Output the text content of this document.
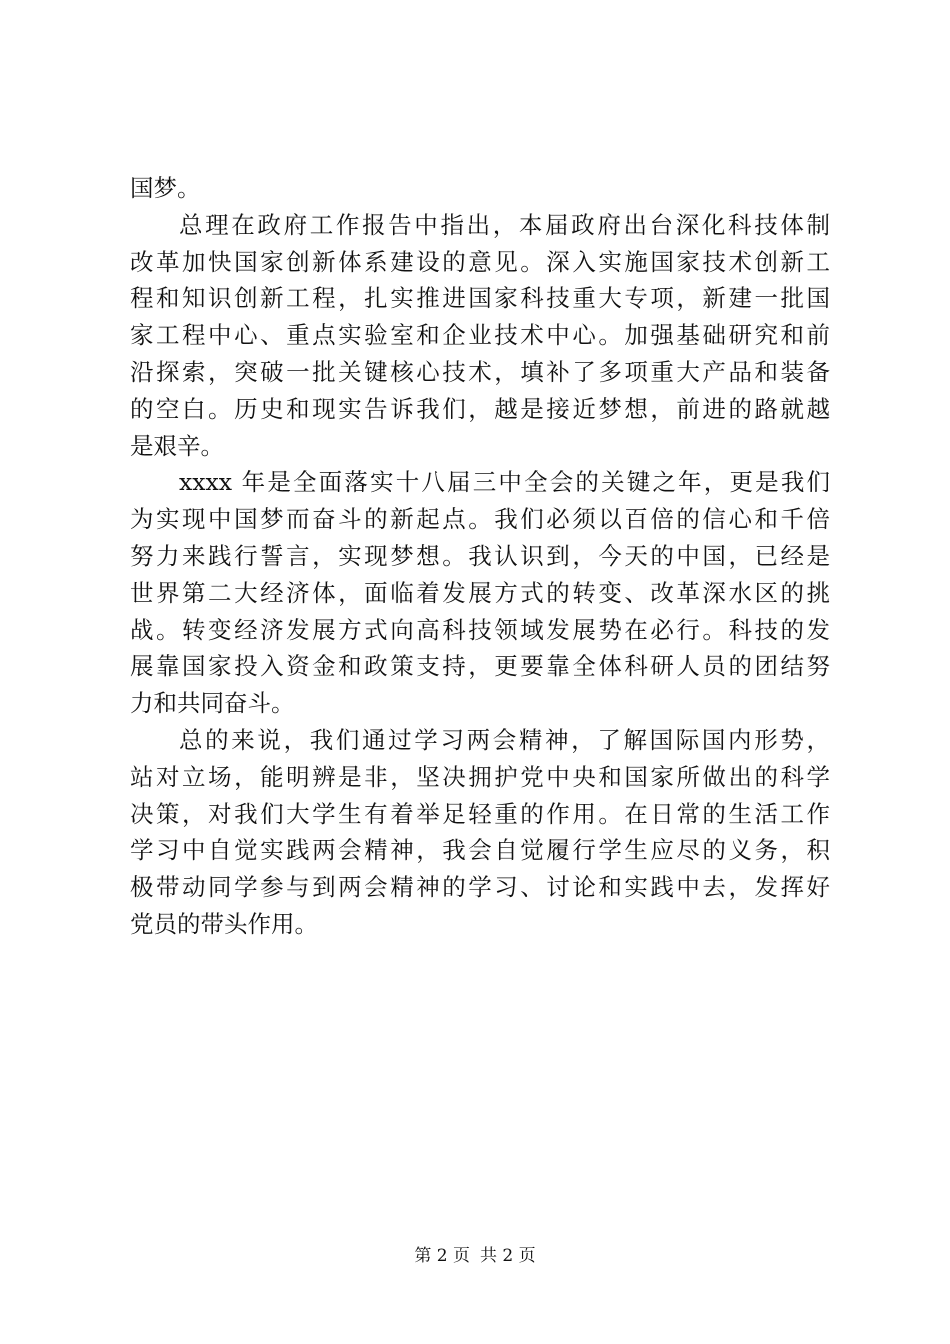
国梦。
总理在政府工作报告中指出，本届政府出台深化科技体制
改革加快国家创新体系建设的意见。深入实施国家技术创新工
程和知识创新工程，扎实推进国家科技重大专项，新建一批国
家工程中心、重点实验室和企业技术中心。加强基础研究和前
沿探索，突破一批关键核心技术，填补了多项重大产品和装备
的空白。历史和现实告诉我们，越是接近梦想，前进的路就越
是艰辛。
xxxx 年是全面落实十八届三中全会的关键之年，更是我们
为实现中国梦而奋斗的新起点。我们必须以百倍的信心和千倍
努力来践行誓言，实现梦想。我认识到，今天的中国，已经是
世界第二大经济体，面临着发展方式的转变、改革深水区的挑
战。转变经济发展方式向高科技领域发展势在必行。科技的发
展靠国家投入资金和政策支持，更要靠全体科研人员的团结努
力和共同奋斗。
总的来说，我们通过学习两会精神，了解国际国内形势，
站对立场，能明辨是非，坚决拥护党中央和国家所做出的科学
决策，对我们大学生有着举足轻重的作用。在日常的生活工作
学习中自觉实践两会精神，我会自觉履行学生应尽的义务，积
极带动同学参与到两会精神的学习、讨论和实践中去，发挥好
党员的带头作用。
第 2 页 共 2 页
